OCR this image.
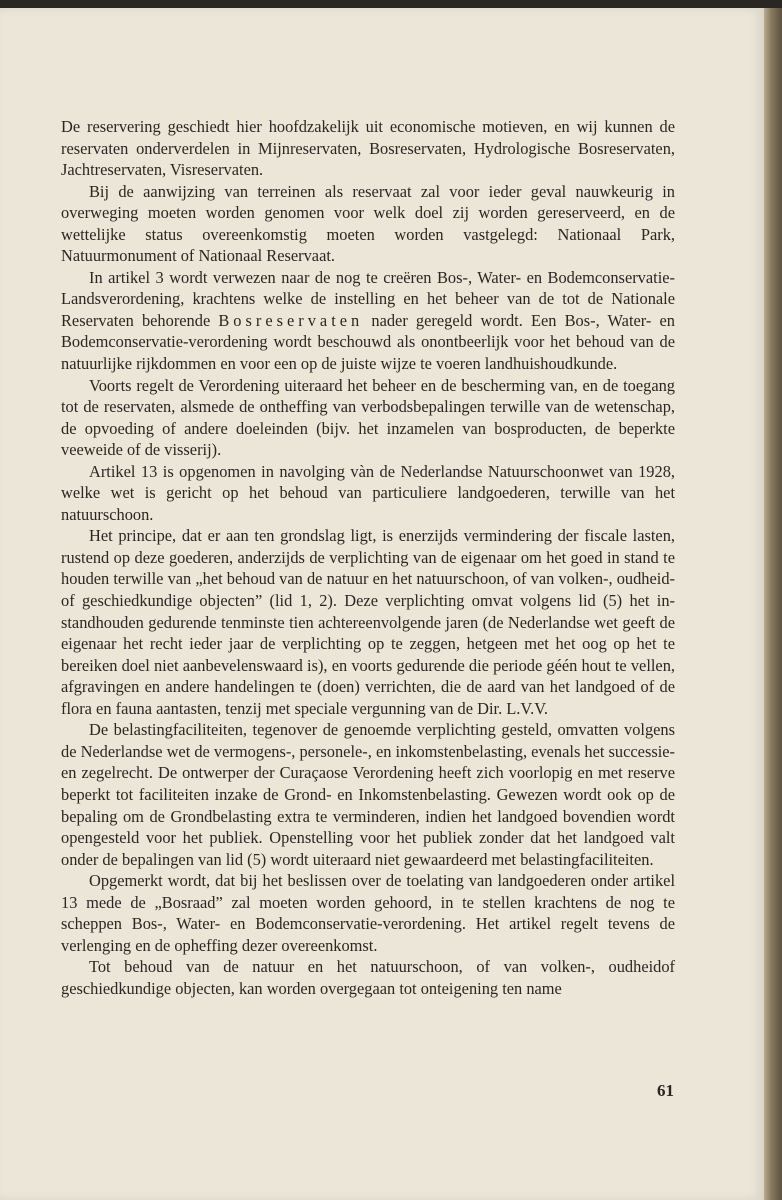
De reservering geschiedt hier hoofdzakelijk uit economische motieven, en wij kunnen de reservaten onderverdelen in Mijnreservaten, Bosreservaten, Hydrologische Bosreservaten, Jachtreservaten, Visreservaten.

Bij de aanwijzing van terreinen als reservaat zal voor ieder geval nauwkeurig in overweging moeten worden genomen voor welk doel zij worden gereserveerd, en de wettelijke status overeenkomstig moeten worden vastgelegd: Nationaal Park, Natuurmonument of Nationaal Reservaat.

In artikel 3 wordt verwezen naar de nog te creëren Bos-, Water- en Bodemconservatie-Landsverordening, krachtens welke de instelling en het beheer van de tot de Nationale Reservaten behorende Bosreservaten nader geregeld wordt. Een Bos-, Water- en Bodemconservatie-verordening wordt beschouwd als onontbeerlijk voor het behoud van de natuurlijke rijkdommen en voor een op de juiste wijze te voeren landhuishoudkunde.

Voorts regelt de Verordening uiteraard het beheer en de bescherming van, en de toegang tot de reservaten, alsmede de ontheffing van verbodsbepalingen terwille van de wetenschap, de opvoeding of andere doeleinden (bijv. het inzamelen van bosproducten, de beperkte veeweide of de visserij).

Artikel 13 is opgenomen in navolging vàn de Nederlandse Natuurschoonwet van 1928, welke wet is gericht op het behoud van particuliere landgoederen, terwille van het natuurschoon.

Het principe, dat er aan ten grondslag ligt, is enerzijds vermindering der fiscale lasten, rustend op deze goederen, anderzijds de verplichting van de eigenaar om het goed in stand te houden terwille van „het behoud van de natuur en het natuurschoon, of van volken-, oudheid- of geschiedkundige objecten” (lid 1, 2). Deze verplichting omvat volgens lid (5) het in-standhouden gedurende tenminste tien achtereenvolgende jaren (de Nederlandse wet geeft de eigenaar het recht ieder jaar de verplichting op te zeggen, hetgeen met het oog op het te bereiken doel niet aanbevelenswaard is), en voorts gedurende die periode géén hout te vellen, afgravingen en andere handelingen te (doen) verrichten, die de aard van het landgoed of de flora en fauna aantasten, tenzij met speciale vergunning van de Dir. L.V.V.

De belastingfaciliteiten, tegenover de genoemde verplichting gesteld, omvatten volgens de Nederlandse wet de vermogens-, personele-, en inkomstenbelasting, evenals het successie- en zegelrecht. De ontwerper der Curaçaose Verordening heeft zich voorlopig en met reserve beperkt tot faciliteiten inzake de Grond- en Inkomstenbelasting. Gewezen wordt ook op de bepaling om de Grondbelasting extra te verminderen, indien het landgoed bovendien wordt opengesteld voor het publiek. Openstelling voor het publiek zonder dat het landgoed valt onder de bepalingen van lid (5) wordt uiteraard niet gewaardeerd met belastingfaciliteiten.

Opgemerkt wordt, dat bij het beslissen over de toelating van landgoederen onder artikel 13 mede de „Bosraad” zal moeten worden gehoord, in te stellen krachtens de nog te scheppen Bos-, Water- en Bodemconservatie-verordening. Het artikel regelt tevens de verlenging en de opheffing dezer overeenkomst.

Tot behoud van de natuur en het natuurschoon, of van volken-, oudheidof geschiedkundige objecten, kan worden overgegaan tot onteigening ten name

61
